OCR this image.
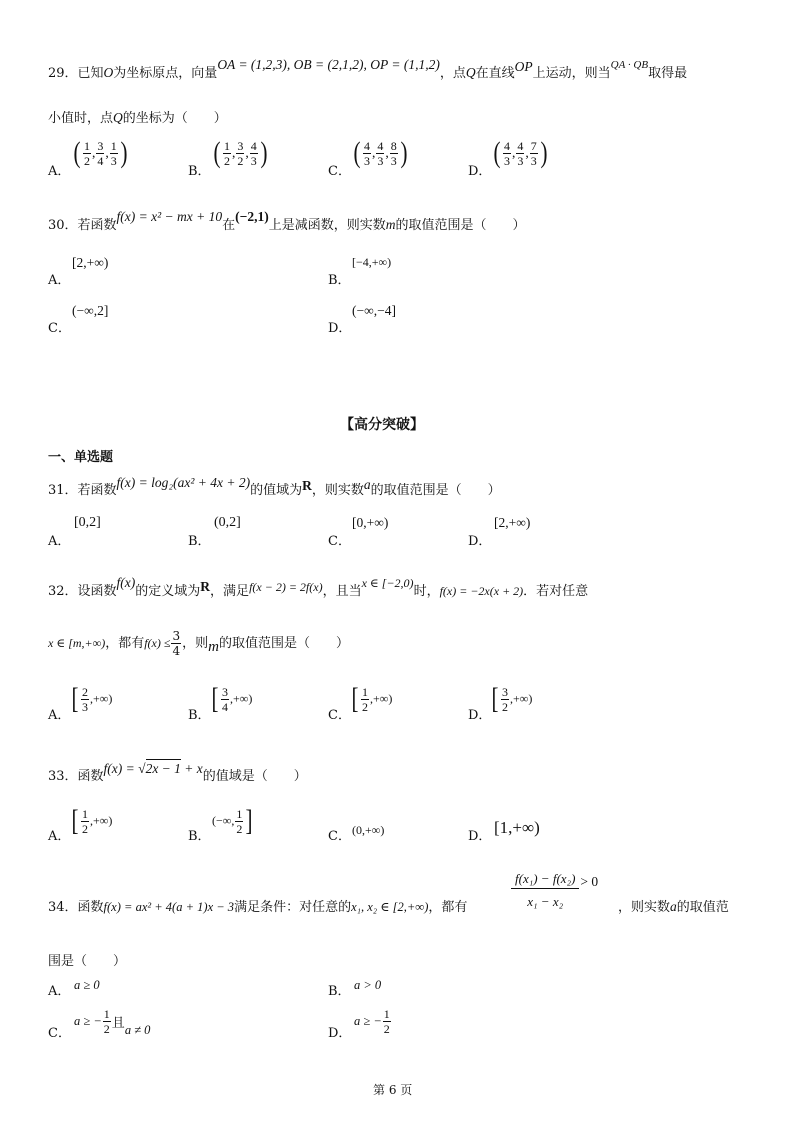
29．已知O为坐标原点，向量OA = (1,2,3), OB = (2,1,2), OP = (1,1,2)，点Q在直线OP上运动，则当$^{QA \cdot QB}$取得最
小值时，点Q的坐标为（　　）
A．
( $\frac{1}{2}$ , $\frac{3}{4}$ , $\frac{1}{3}$ )
B．
( $\frac{1}{2}$ , $\frac{3}{2}$ , $\frac{4}{3}$ )
C．
( $\frac{4}{3}$ , $\frac{4}{3}$ , $\frac{8}{3}$ )
D．
( $\frac{4}{3}$ , $\frac{4}{3}$ , $\frac{7}{3}$ )
30．若函数f(x) = x² − mx + 10在(−2,1)上是减函数，则实数m的取值范围是（　　）
A．
[2,+∞)
B．
[−4,+∞)
C．
(−∞,2]
D．
(−∞,−4]
【高分突破】
一、单选题
31．若函数f(x) = log₂(ax² + 4x + 2)的值域为R，则实数a的取值范围是（　　）
A．
[0,2]
B．
(0,2]
C．
[0,+∞)
D．
[2,+∞)
32．设函数f(x)的定义域为R，满足f(x − 2) = 2f(x)，且当x ∈ [−2,0)时，f(x) = −2x(x + 2)．若对任意
x ∈ [m,+∞)，都有$f(x) \le \frac{3}{4}$ ，则m的取值范围是（　　）
A．
[ $\frac{2}{3}$ ,+∞)
B．
[ $\frac{3}{4}$ ,+∞)
C．
[ $\frac{1}{2}$ ,+∞)
D．
[ $\frac{3}{2}$ ,+∞)
33．函数f(x) = √2x − 1 + x的值域是（　　）
A． [ $\frac{1}{2}$ ,+∞)
B．
(−∞, $\frac{1}{2}$ ]	C． (0,+∞)	D． [1,+∞)
34．函数f(x) = ax² + 4(a + 1)x − 3满足条件：对任意的x₁, x₂ ∈ [2,+∞)，都有	$\frac{\text{f(x₁) − f(x₂)}}{\text{x₁ − x₂}} > 0$
，则实数a的取值范
围是（　　）
A． a ≥ 0	B． a > 0
C．
a ≥ − $\frac{1}{2}$ 且a ≠ 0	D．
a ≥ − $\frac{1}{2}$
第 6 页
